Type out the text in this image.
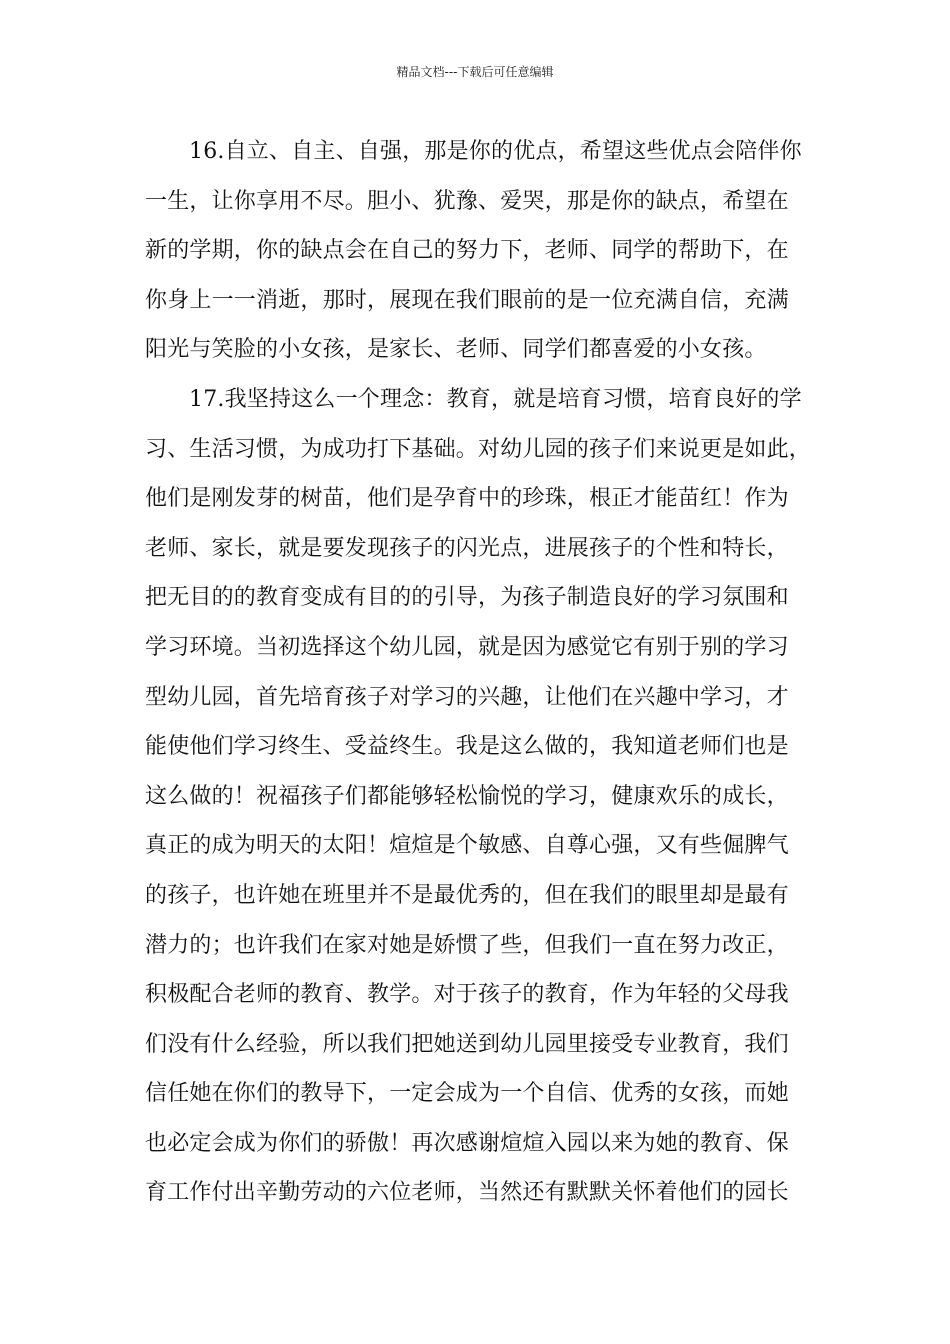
精品文档---下载后可任意编辑
16.自立、自主、自强，那是你的优点，希望这些优点会陪伴你
一生，让你享用不尽。胆小、犹豫、爱哭，那是你的缺点，希望在
新的学期，你的缺点会在自己的努力下，老师、同学的帮助下，在
你身上一一消逝，那时，展现在我们眼前的是一位充满自信，充满
阳光与笑脸的小女孩，是家长、老师、同学们都喜爱的小女孩。
17.我坚持这么一个理念：教育，就是培育习惯，培育良好的学
习、生活习惯，为成功打下基础。对幼儿园的孩子们来说更是如此，
他们是刚发芽的树苗，他们是孕育中的珍珠，根正才能苗红！作为
老师、家长，就是要发现孩子的闪光点，进展孩子的个性和特长，
把无目的的教育变成有目的的引导，为孩子制造良好的学习氛围和
学习环境。当初选择这个幼儿园，就是因为感觉它有别于别的学习
型幼儿园，首先培育孩子对学习的兴趣，让他们在兴趣中学习，才
能使他们学习终生、受益终生。我是这么做的，我知道老师们也是
这么做的！祝福孩子们都能够轻松愉悦的学习，健康欢乐的成长，
真正的成为明天的太阳！煊煊是个敏感、自尊心强，又有些倔脾气
的孩子，也许她在班里并不是最优秀的，但在我们的眼里却是最有
潜力的；也许我们在家对她是娇惯了些，但我们一直在努力改正，
积极配合老师的教育、教学。对于孩子的教育，作为年轻的父母我
们没有什么经验，所以我们把她送到幼儿园里接受专业教育，我们
信任她在你们的教导下，一定会成为一个自信、优秀的女孩，而她
也必定会成为你们的骄傲！再次感谢煊煊入园以来为她的教育、保
育工作付出辛勤劳动的六位老师，当然还有默默关怀着他们的园长
